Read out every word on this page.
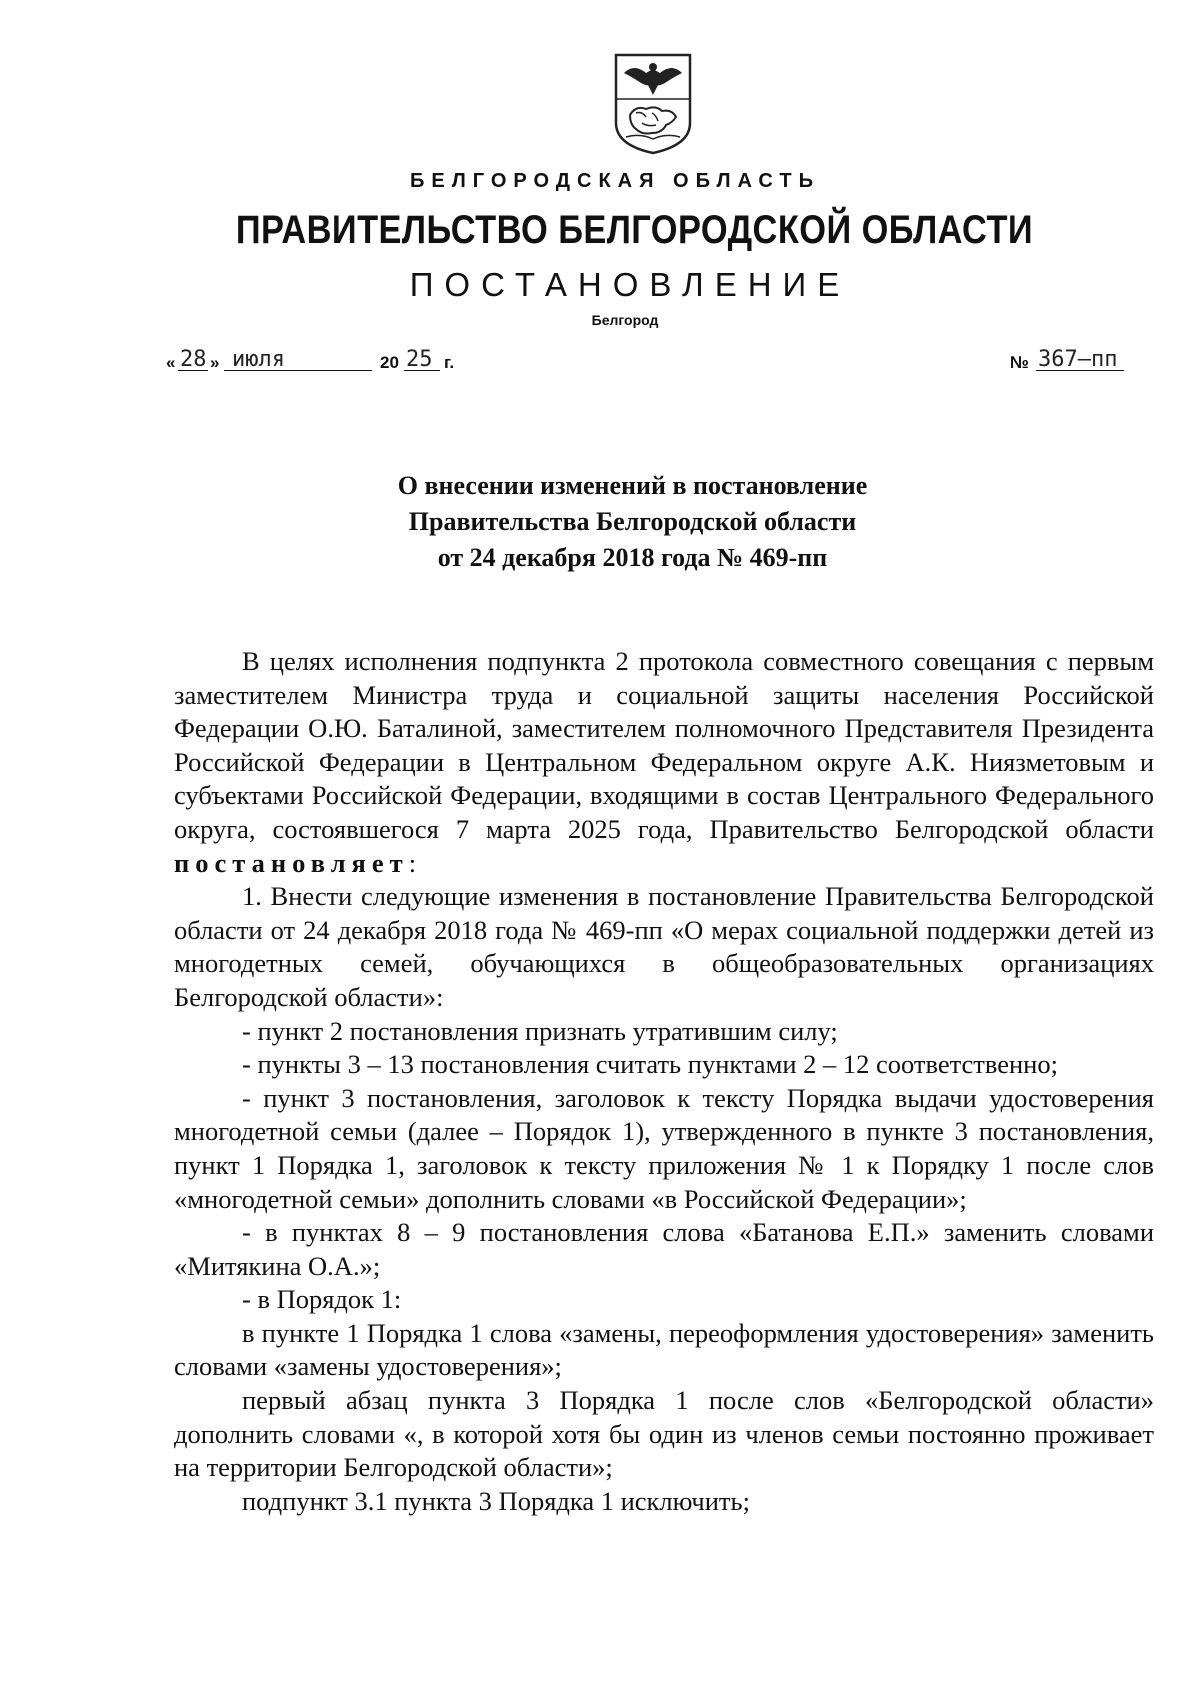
БЕЛГОРОДСКАЯ ОБЛАСТЬ
ПРАВИТЕЛЬСТВО БЕЛГОРОДСКОЙ ОБЛАСТИ
ПОСТАНОВЛЕНИЕ
Белгород
« 28 » июля	20 25 г.	№ 367–пп
О внесении изменений в постановление
Правительства Белгородской области
от 24 декабря 2018 года № 469-пп

В целях исполнения подпункта 2 протокола совместного совещания с первым заместителем Министра труда и социальной защиты населения Российской Федерации О.Ю. Баталиной, заместителем полномочного Представителя Президента Российской Федерации в Центральном Федеральном округе А.К. Ниязметовым и субъектами Российской Федерации, входящими в состав Центрального Федерального округа, состоявшегося 7 марта 2025 года, Правительство Белгородской области постановляет:

1. Внести следующие изменения в постановление Правительства Белгородской области от 24 декабря 2018 года № 469-пп «О мерах социальной поддержки детей из многодетных семей, обучающихся в общеобразовательных организациях Белгородской области»:

- пункт 2 постановления признать утратившим силу;

- пункты 3 – 13 постановления считать пунктами 2 – 12 соответственно;

- пункт 3 постановления, заголовок к тексту Порядка выдачи удостоверения многодетной семьи (далее – Порядок 1), утвержденного в пункте 3 постановления, пункт 1 Порядка 1, заголовок к тексту приложения № 1 к Порядку 1 после слов «многодетной семьи» дополнить словами «в Российской Федерации»;

- в пунктах 8 – 9 постановления слова «Батанова Е.П.» заменить словами «Митякина О.А.»;

- в Порядок 1:

в пункте 1 Порядка 1 слова «замены, переоформления удостоверения» заменить словами «замены удостоверения»;

первый абзац пункта 3 Порядка 1 после слов «Белгородской области» дополнить словами «, в которой хотя бы один из членов семьи постоянно проживает на территории Белгородской области»;

подпункт 3.1 пункта 3 Порядка 1 исключить;
